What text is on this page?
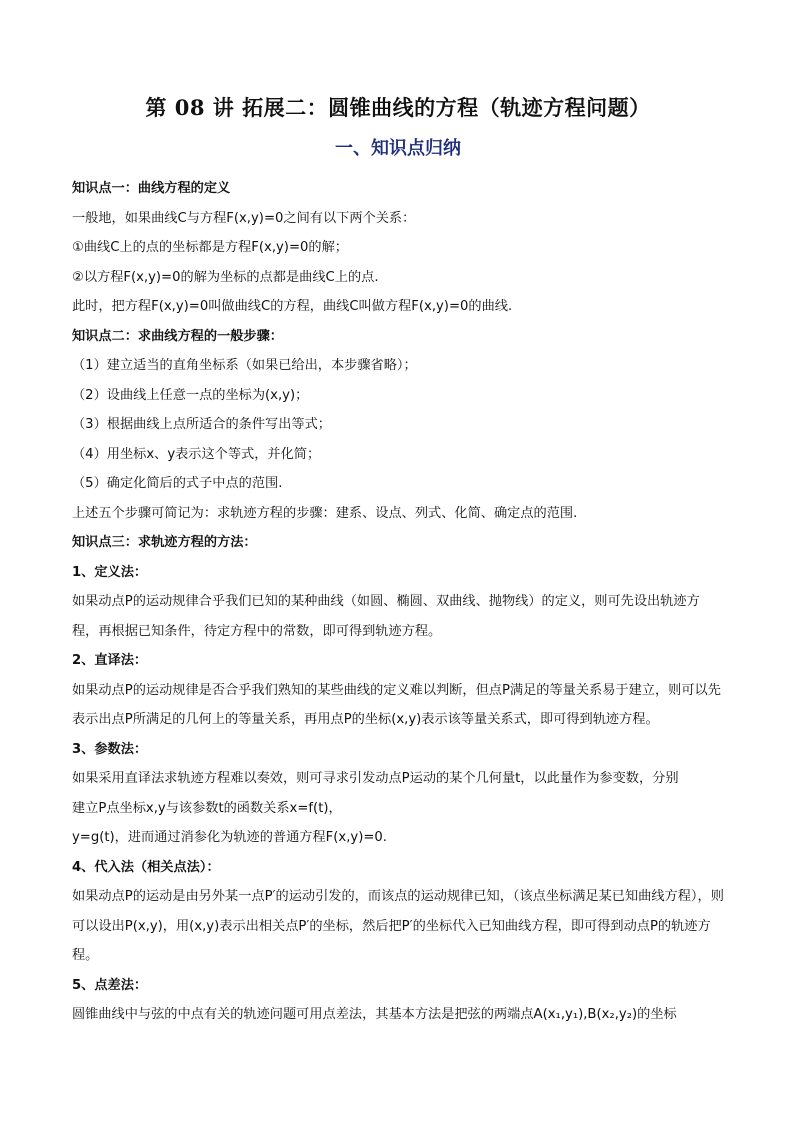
第 08 讲 拓展二：圆锥曲线的方程（轨迹方程问题）
一、知识点归纳
知识点一：曲线方程的定义
一般地，如果曲线C与方程F(x,y)=0之间有以下两个关系：
①曲线C上的点的坐标都是方程F(x,y)=0的解；
②以方程F(x,y)=0的解为坐标的点都是曲线C上的点.
此时，把方程F(x,y)=0叫做曲线C的方程，曲线C叫做方程F(x,y)=0的曲线.
知识点二：求曲线方程的一般步骤：
（1）建立适当的直角坐标系（如果已给出，本步骤省略）；
（2）设曲线上任意一点的坐标为(x,y)；
（3）根据曲线上点所适合的条件写出等式；
（4）用坐标x、y表示这个等式，并化简；
（5）确定化简后的式子中点的范围.
上述五个步骤可简记为：求轨迹方程的步骤：建系、设点、列式、化简、确定点的范围.
知识点三：求轨迹方程的方法：
1、定义法：
如果动点P的运动规律合乎我们已知的某种曲线（如圆、椭圆、双曲线、抛物线）的定义，则可先设出轨迹方程，再根据已知条件，待定方程中的常数，即可得到轨迹方程。
2、直译法：
如果动点P的运动规律是否合乎我们熟知的某些曲线的定义难以判断，但点P满足的等量关系易于建立，则可以先表示出点P所满足的几何上的等量关系，再用点P的坐标(x,y)表示该等量关系式，即可得到轨迹方程。
3、参数法：
如果采用直译法求轨迹方程难以奏效，则可寻求引发动点P运动的某个几何量t，以此量作为参变数，分别
建立P点坐标x,y与该参数t的函数关系x=f(t)，
y=g(t)，进而通过消参化为轨迹的普通方程F(x,y)=0.
4、代入法（相关点法）：
如果动点P的运动是由另外某一点P′的运动引发的，而该点的运动规律已知，（该点坐标满足某已知曲线方程），则可以设出P(x,y)，用(x,y)表示出相关点P′的坐标，然后把P′的坐标代入已知曲线方程，即可得到动点P的轨迹方程。
5、点差法：
圆锥曲线中与弦的中点有关的轨迹问题可用点差法，其基本方法是把弦的两端点A(x₁,y₁),B(x₂,y₂)的坐标
